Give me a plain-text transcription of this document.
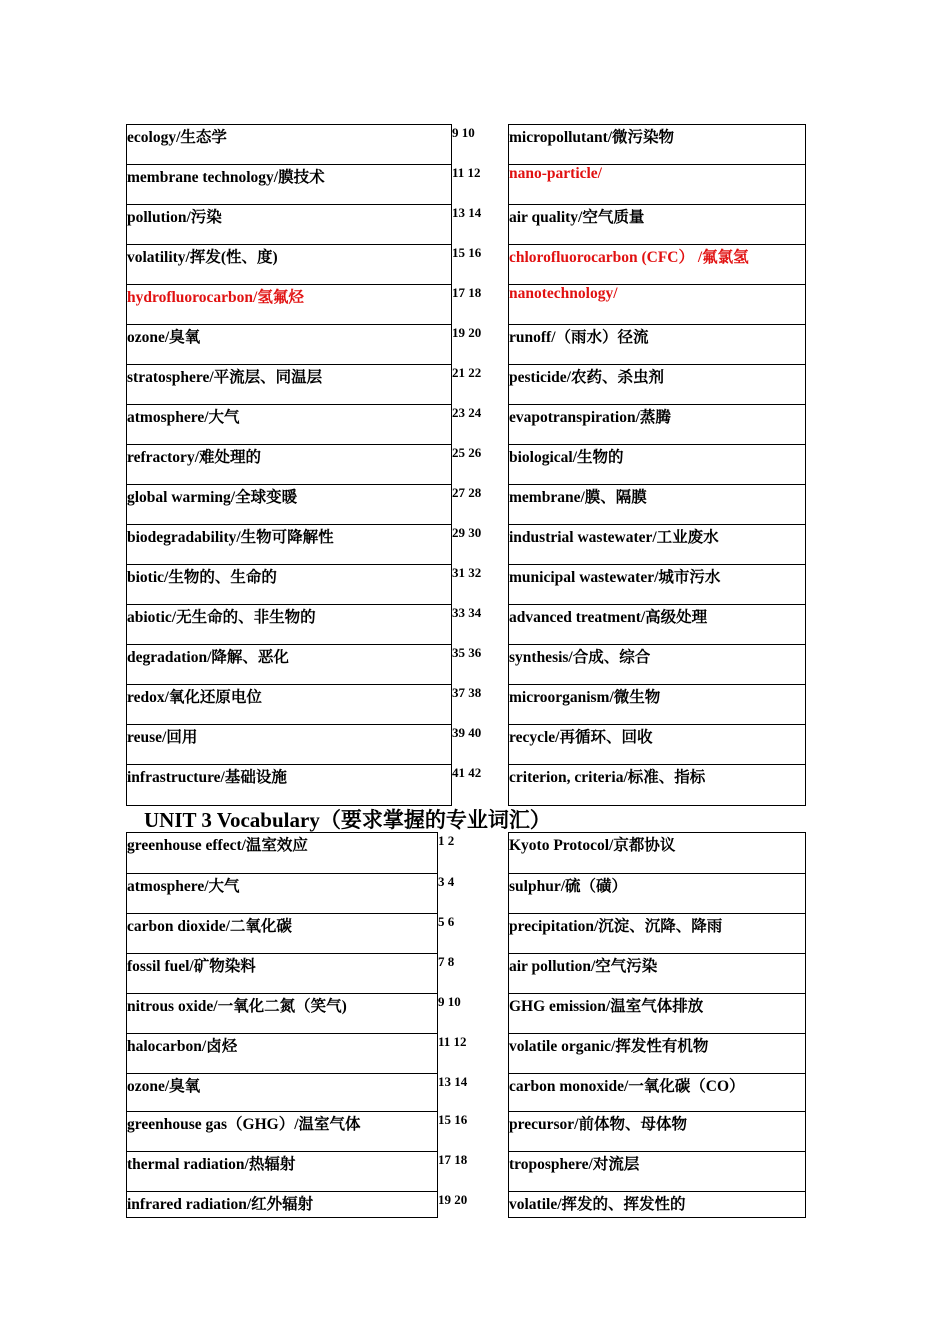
ecology/生态学	9 10	micropollutant/微污染物
membrane technology/膜技术	11 12	nano-particle/
pollution/污染	13 14	air quality/空气质量
volatility/挥发(性、度)	15 16	chlorofluorocarbon (CFC） /氟氯氢
hydrofluorocarbon/氢氟烃	17 18	nanotechnology/
ozone/臭氧	19 20	runoff/（雨水）径流
stratosphere/平流层、同温层	21 22	pesticide/农药、杀虫剂
atmosphere/大气	23 24	evapotranspiration/蒸腾
refractory/难处理的	25 26	biological/生物的
global warming/全球变暖	27 28	membrane/膜、隔膜
biodegradability/生物可降解性	29 30	industrial wastewater/工业废水
biotic/生物的、生命的	31 32	municipal wastewater/城市污水
abiotic/无生命的、非生物的	33 34	advanced treatment/高级处理
degradation/降解、恶化	35 36	synthesis/合成、综合
redox/氧化还原电位	37 38	microorganism/微生物
reuse/回用	39 40	recycle/再循环、回收
infrastructure/基础设施	41 42	criterion, criteria/标准、指标
UNIT 3 Vocabulary（要求掌握的专业词汇）
greenhouse effect/温室效应	1 2	Kyoto Protocol/京都协议
atmosphere/大气	3 4	sulphur/硫（磺）
carbon dioxide/二氧化碳	5 6	precipitation/沉淀、沉降、降雨
fossil fuel/矿物染料	7 8	air pollution/空气污染
nitrous oxide/一氧化二氮（笑气)	9 10	GHG emission/温室气体排放
halocarbon/卤烃	11 12	volatile organic/挥发性有机物
ozone/臭氧	13 14	carbon monoxide/一氧化碳（CO）
greenhouse gas（GHG）/温室气体	15 16	precursor/前体物、母体物
thermal radiation/热辐射	17 18	troposphere/对流层
infrared radiation/红外辐射	19 20	volatile/挥发的、挥发性的
